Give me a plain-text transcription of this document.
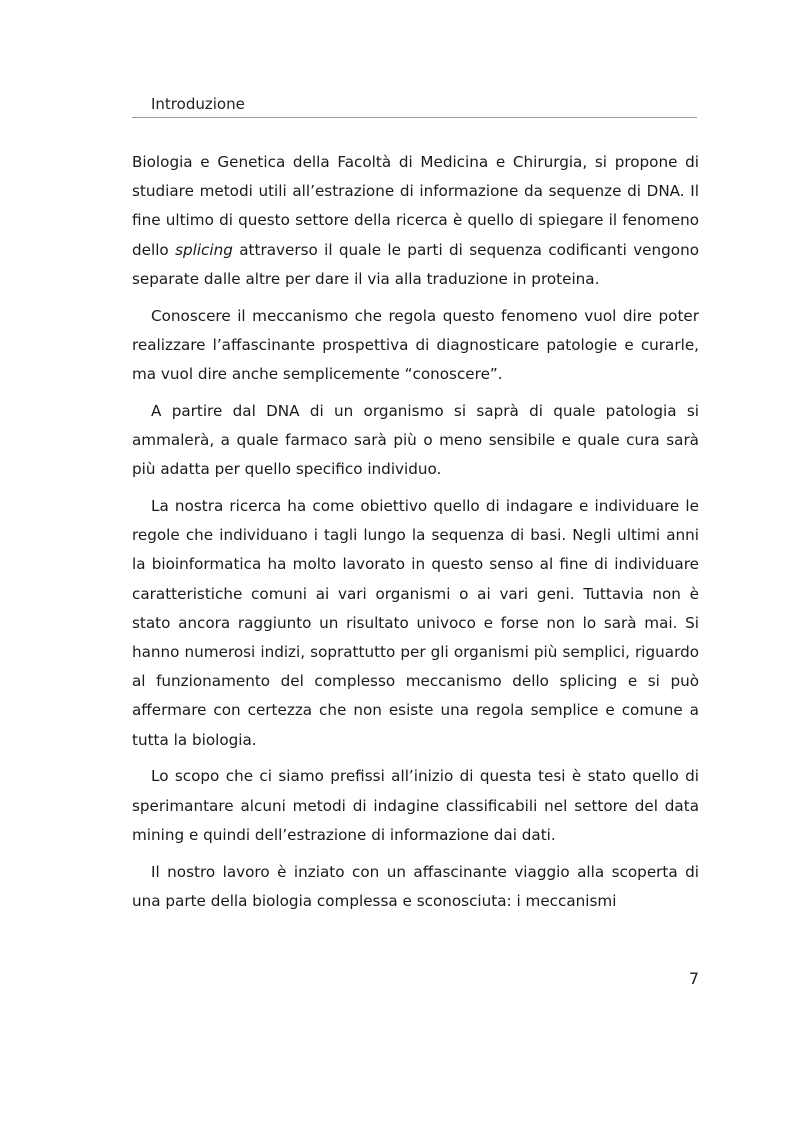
Introduzione

Biologia e Genetica della Facoltà di Medicina e Chirurgia, si propone di studiare metodi utili all’estrazione di informazione da sequenze di DNA. Il fine ultimo di questo settore della ricerca è quello di spiegare il fenomeno dello splicing attraverso il quale le parti di sequenza codificanti vengono separate dalle altre per dare il via alla traduzione in proteina.

Conoscere il meccanismo che regola questo fenomeno vuol dire poter realizzare l’affascinante prospettiva di diagnosticare patologie e curarle, ma vuol dire anche semplicemente “conoscere”.

A partire dal DNA di un organismo si saprà di quale patologia si ammalerà, a quale farmaco sarà più o meno sensibile e quale cura sarà più adatta per quello specifico individuo.

La nostra ricerca ha come obiettivo quello di indagare e individuare le regole che individuano i tagli lungo la sequenza di basi. Negli ultimi anni la bioinformatica ha molto lavorato in questo senso al fine di individuare caratteristiche comuni ai vari organismi o ai vari geni. Tuttavia non è stato ancora raggiunto un risultato univoco e forse non lo sarà mai. Si hanno numerosi indizi, soprattutto per gli organismi più semplici, riguardo al funzionamento del complesso meccanismo dello splicing e si può affermare con certezza che non esiste una regola semplice e comune a tutta la biologia.

Lo scopo che ci siamo prefissi all’inizio di questa tesi è stato quello di sperimantare alcuni metodi di indagine classificabili nel settore del data mining e quindi dell’estrazione di informazione dai dati.

Il nostro lavoro è inziato con un affascinante viaggio alla scoperta di una parte della biologia complessa e sconosciuta: i meccanismi

7
